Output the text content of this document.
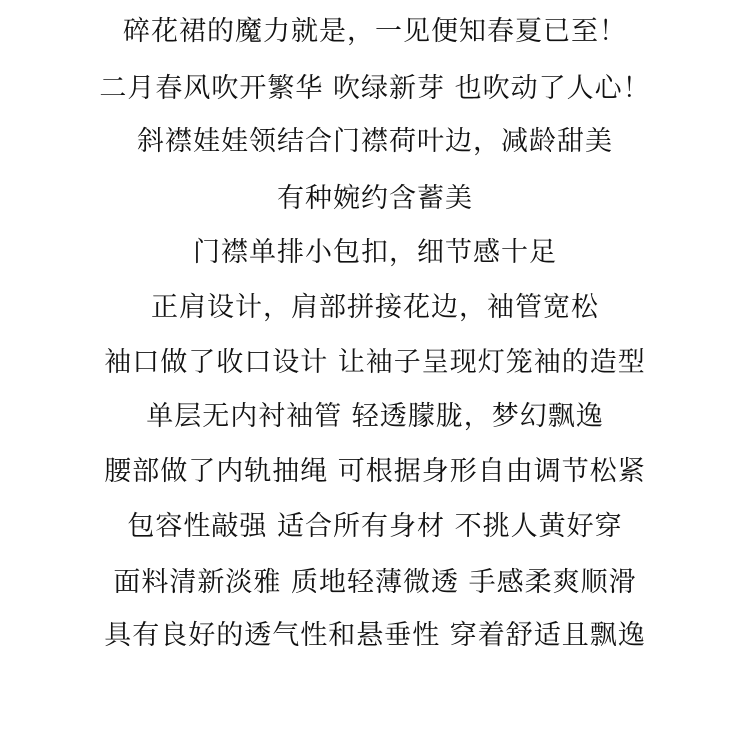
碎花裙的魔力就是，一见便知春夏已至！
二月春风吹开繁华 吹绿新芽 也吹动了人心！
斜襟娃娃领结合门襟荷叶边，减龄甜美
有种婉约含蓄美
门襟单排小包扣，细节感十足
正肩设计，肩部拼接花边，袖管宽松
袖口做了收口设计 让袖子呈现灯笼袖的造型
单层无内衬袖管 轻透朦胧，梦幻飘逸
腰部做了内轨抽绳 可根据身形自由调节松紧
包容性敲强 适合所有身材 不挑人黄好穿
面料清新淡雅 质地轻薄微透 手感柔爽顺滑
具有良好的透气性和悬垂性 穿着舒适且飘逸
